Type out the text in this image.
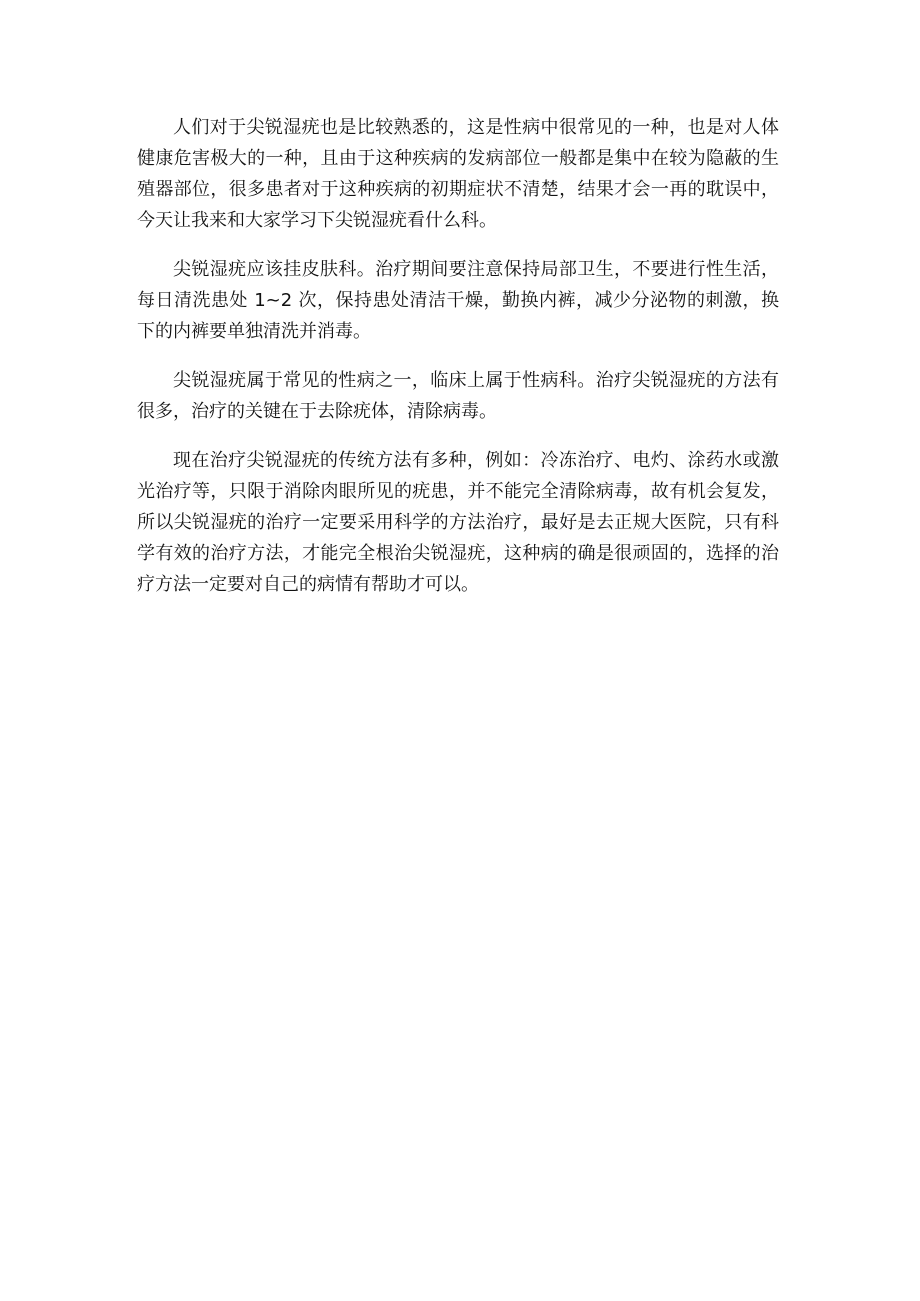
人们对于尖锐湿疣也是比较熟悉的，这是性病中很常见的一种，也是对人体健康危害极大的一种，且由于这种疾病的发病部位一般都是集中在较为隐蔽的生殖器部位，很多患者对于这种疾病的初期症状不清楚，结果才会一再的耽误中，今天让我来和大家学习下尖锐湿疣看什么科。

尖锐湿疣应该挂皮肤科。治疗期间要注意保持局部卫生，不要进行性生活，每日清洗患处 1~2 次，保持患处清洁干燥，勤换内裤，减少分泌物的刺激，换下的内裤要单独清洗并消毒。

尖锐湿疣属于常见的性病之一，临床上属于性病科。治疗尖锐湿疣的方法有很多，治疗的关键在于去除疣体，清除病毒。

现在治疗尖锐湿疣的传统方法有多种，例如：冷冻治疗、电灼、涂药水或激光治疗等，只限于消除肉眼所见的疣患，并不能完全清除病毒，故有机会复发，所以尖锐湿疣的治疗一定要采用科学的方法治疗，最好是去正规大医院，只有科学有效的治疗方法，才能完全根治尖锐湿疣，这种病的确是很顽固的，选择的治疗方法一定要对自己的病情有帮助才可以。
